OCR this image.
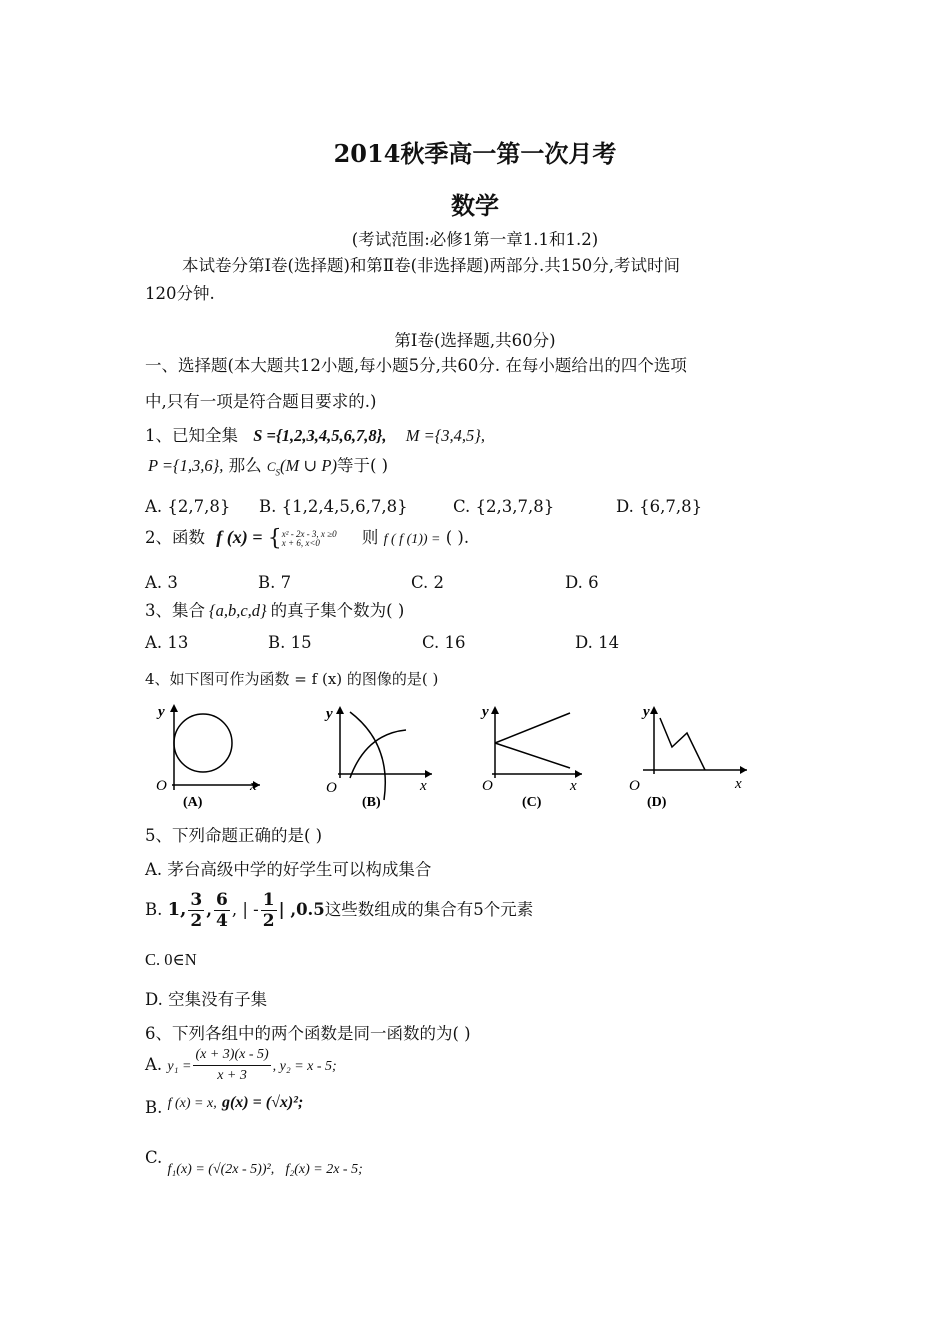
2014秋季高一第一次月考
数学
(考试范围:必修1第一章1.1和1.2)
本试卷分第Ⅰ卷(选择题)和第Ⅱ卷(非选择题)两部分.共150分,考试时间
120分钟.
第Ⅰ卷(选择题,共60分)
一、选择题(本大题共12小题,每小题5分,共60分. 在每小题给出的四个选项
中,只有一项是符合题目要求的.)
1、已知全集 S ={1,2,3,4,5,6,7,8}, M ={3,4,5},
P ={1,3,6}, 那么 $C_S(M$ ∪ P)等于( )
A. {2,7,8} B. {1,2,4,5,6,7,8}	C. {2,3,7,8}	D. {6,7,8}
2、函数 f (x) = { x² - 2x - 3, x ≥0
x + 6, x<0	则 f ( f (1)) = ( ).
A. 3	B. 7	C. 2	D. 6
3、集合 {a,b,c,d} 的真子集个数为( )
A. 13	B. 15	C. 16	D. 14
4、如下图可作为函数 = f (x) 的图像的是( )
y
O	x
(A)
y
O	x
(B)
y
O	x
(C)
y
O	x
(D)
5、下列命题正确的是( )
A. 茅台高级中学的好学生可以构成集合
B. 1, $\frac{3}{2}$ , $\frac{6}{4}$ , | - $\frac{1}{2}$ | ,0.5这些数组成的集合有5个元素
C. 0∈N
D. 空集没有子集
6、下列各组中的两个函数是同一函数的为( )
A. $y_1 = \frac{(x + 3)(x - 5)}{x + 3}$ , y₂ = x - 5;
B. $^{f (x) = x,}$ g(x) = (√x)²;
C. $_{f_1(x) = (√(2x - 5))^2,}$ $_{f_2(x) = 2x - 5;}$
